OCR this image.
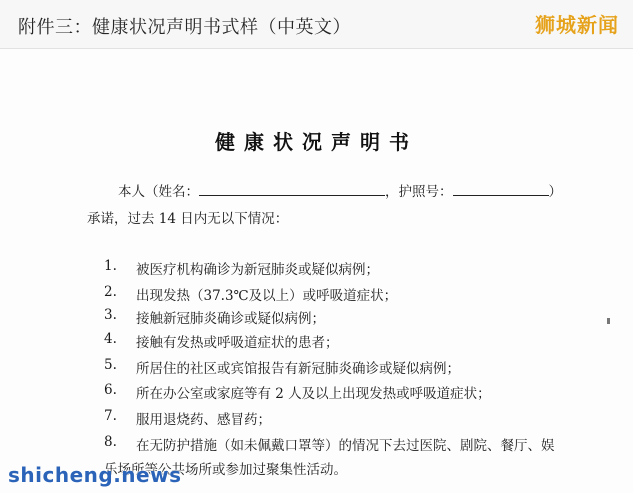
附件三：健康状况声明书式样（中英文）	狮城新闻
健康状况声明书
本人（姓名：	，护照号：	）
承诺，过去 14 日内无以下情况：
1. 被医疗机构确诊为新冠肺炎或疑似病例；
2. 出现发热（37.3℃及以上）或呼吸道症状；
3. 接触新冠肺炎确诊或疑似病例；
4. 接触有发热或呼吸道症状的患者；
5. 所居住的社区或宾馆报告有新冠肺炎确诊或疑似病例；
6. 所在办公室或家庭等有 2 人及以上出现发热或呼吸道症状；
7. 服用退烧药、感冒药；
8. 在无防护措施（如未佩戴口罩等）的情况下去过医院、剧院、餐厅、娱
乐场所等公共场所或参加过聚集性活动。
shicheng.news
